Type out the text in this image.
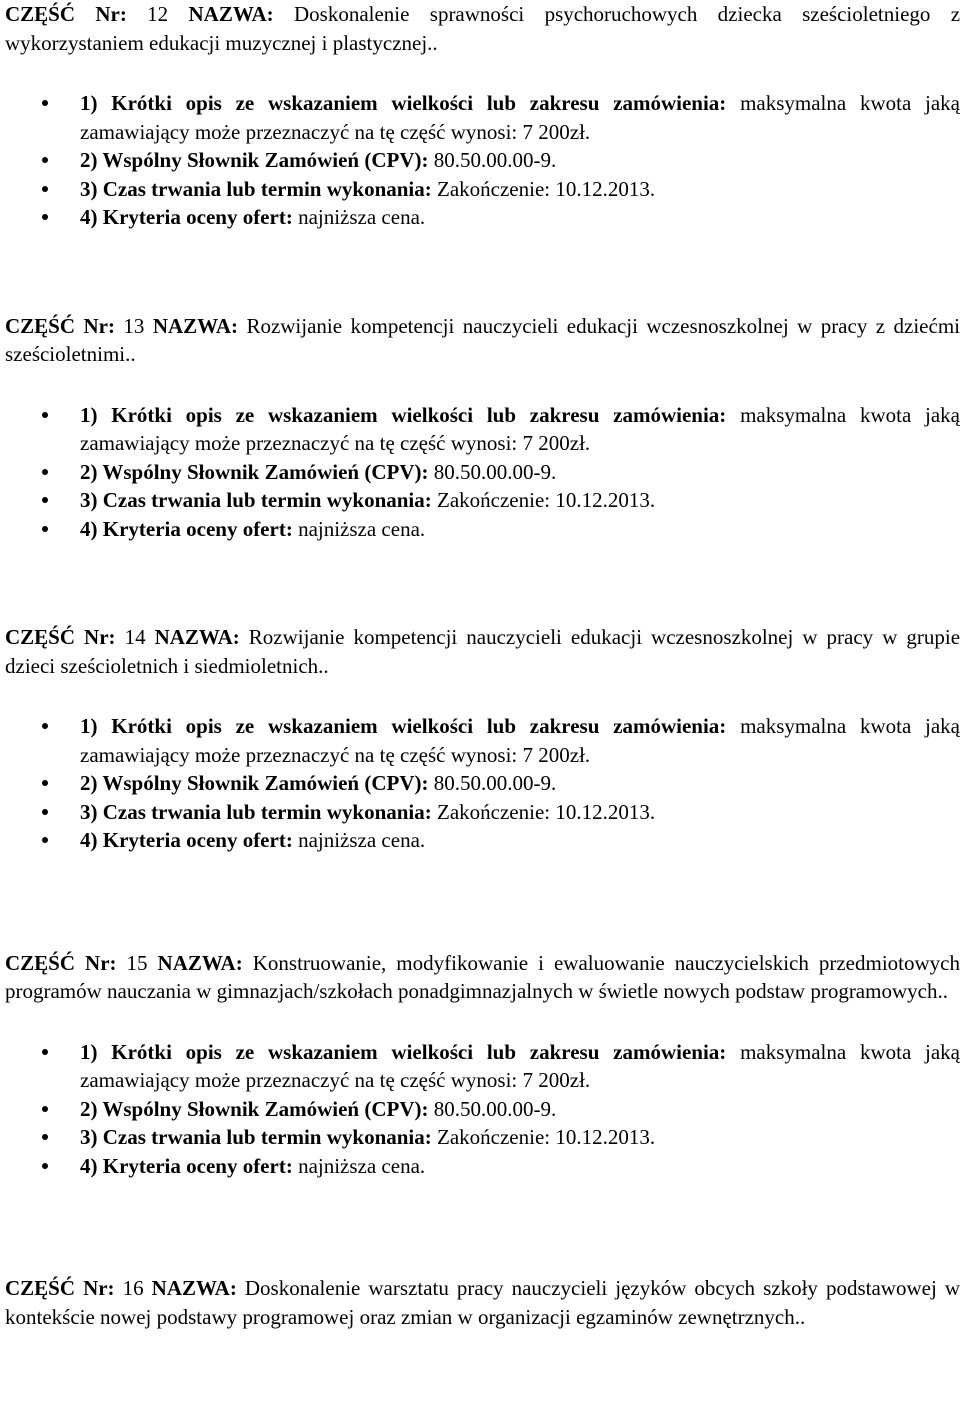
CZĘŚĆ Nr: 12 NAZWA: Doskonalenie sprawności psychoruchowych dziecka sześcioletniego z wykorzystaniem edukacji muzycznej i plastycznej..

1) Krótki opis ze wskazaniem wielkości lub zakresu zamówienia: maksymalna kwota jaką zamawiający może przeznaczyć na tę część wynosi: 7 200zł.
2) Wspólny Słownik Zamówień (CPV): 80.50.00.00-9.
3) Czas trwania lub termin wykonania: Zakończenie: 10.12.2013.
4) Kryteria oceny ofert: najniższa cena.

CZĘŚĆ Nr: 13 NAZWA: Rozwijanie kompetencji nauczycieli edukacji wczesnoszkolnej w pracy z dziećmi sześcioletnimi..

1) Krótki opis ze wskazaniem wielkości lub zakresu zamówienia: maksymalna kwota jaką zamawiający może przeznaczyć na tę część wynosi: 7 200zł.
2) Wspólny Słownik Zamówień (CPV): 80.50.00.00-9.
3) Czas trwania lub termin wykonania: Zakończenie: 10.12.2013.
4) Kryteria oceny ofert: najniższa cena.

CZĘŚĆ Nr: 14 NAZWA: Rozwijanie kompetencji nauczycieli edukacji wczesnoszkolnej w pracy w grupie dzieci sześcioletnich i siedmioletnich..

1) Krótki opis ze wskazaniem wielkości lub zakresu zamówienia: maksymalna kwota jaką zamawiający może przeznaczyć na tę część wynosi: 7 200zł.
2) Wspólny Słownik Zamówień (CPV): 80.50.00.00-9.
3) Czas trwania lub termin wykonania: Zakończenie: 10.12.2013.
4) Kryteria oceny ofert: najniższa cena.

CZĘŚĆ Nr: 15 NAZWA: Konstruowanie, modyfikowanie i ewaluowanie nauczycielskich przedmiotowych programów nauczania w gimnazjach/szkołach ponadgimnazjalnych w świetle nowych podstaw programowych..

1) Krótki opis ze wskazaniem wielkości lub zakresu zamówienia: maksymalna kwota jaką zamawiający może przeznaczyć na tę część wynosi: 7 200zł.
2) Wspólny Słownik Zamówień (CPV): 80.50.00.00-9.
3) Czas trwania lub termin wykonania: Zakończenie: 10.12.2013.
4) Kryteria oceny ofert: najniższa cena.

CZĘŚĆ Nr: 16 NAZWA: Doskonalenie warsztatu pracy nauczycieli języków obcych szkoły podstawowej w kontekście nowej podstawy programowej oraz zmian w organizacji egzaminów zewnętrznych..
